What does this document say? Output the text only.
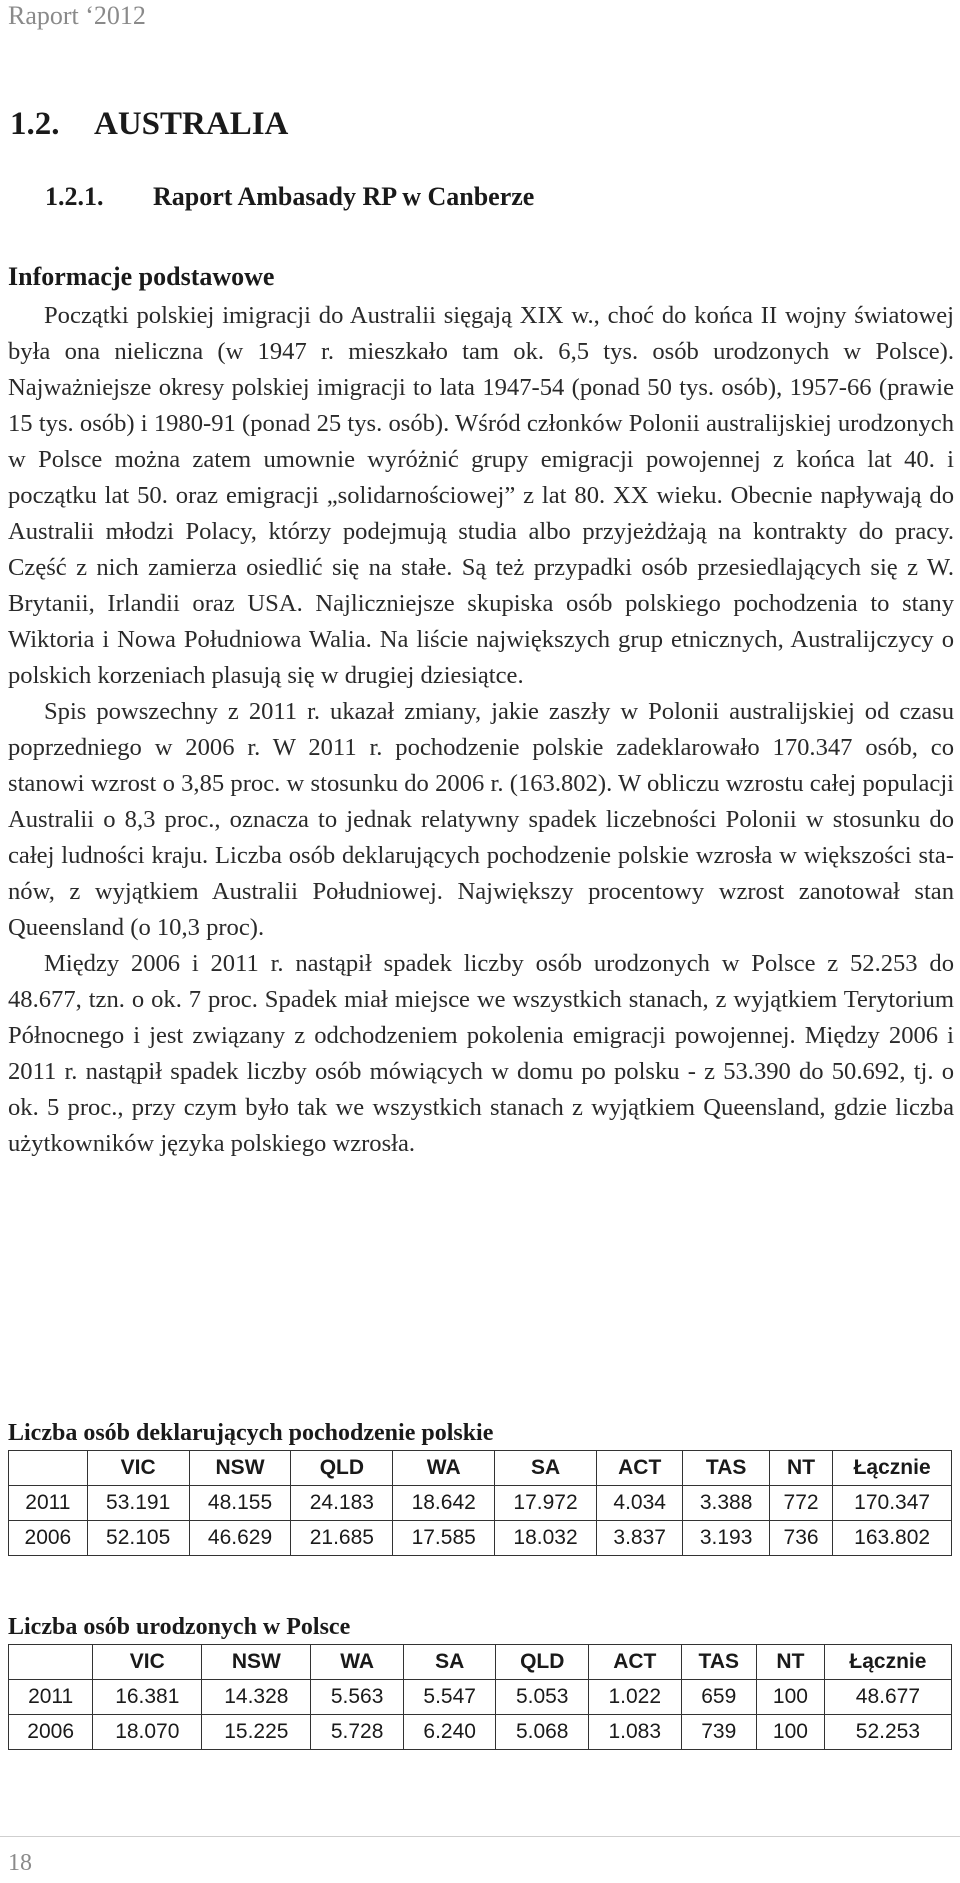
Raport ‘2012
1.2. AUSTRALIA
1.2.1. Raport Ambasady RP w Canberze
Informacje podstawowe

Początki polskiej imigracji do Australii sięgają XIX w., choć do końca II wojny światowej była ona nieliczna (w 1947 r. mieszkało tam ok. 6,5 tys. osób urodzonych w Polsce). Najważniejsze okresy polskiej imigracji to lata 1947-54 (ponad 50 tys. osób), 1957-66 (prawie 15 tys. osób) i 1980-91 (ponad 25 tys. osób). Wśród członków Polonii australijskiej urodzonych w Polsce można zatem umownie wyróżnić grupy emigracji powojennej z końca lat 40. i początku lat 50. oraz emigracji „solidarnościowej” z lat 80. XX wieku. Obecnie napływają do Australii młodzi Polacy, którzy podejmują studia albo przyjeżdżają na kontrakty do pracy. Część z nich zamierza osiedlić się na stałe. Są też przypadki osób przesiedlających się z W. Brytanii, Irlandii oraz USA. Najliczniejsze skupiska osób polskiego pochodzenia to stany Wiktoria i Nowa Południowa Walia. Na liście największych grup etnicznych, Australijczycy o polskich korzeniach plasują się w drugiej dziesiątce.

Spis powszechny z 2011 r. ukazał zmiany, jakie zaszły w Polonii australijskiej od czasu poprzedniego w 2006 r. W 2011 r. pochodzenie polskie zadeklarowało 170.347 osób, co stanowi wzrost o 3,85 proc. w stosunku do 2006 r. (163.802). W obliczu wzrostu całej populacji Australii o 8,3 proc., oznacza to jednak relatywny spadek liczebności Polonii w stosunku do całej ludności kraju. Liczba osób deklarujących pochodzenie polskie wzrosła w większości stanów, z wyjątkiem Australii Południowej. Największy procentowy wzrost zanotował stan Queensland (o 10,3 proc).

Między 2006 i 2011 r. nastąpił spadek liczby osób urodzonych w Polsce z 52.253 do 48.677, tzn. o ok. 7 proc. Spadek miał miejsce we wszystkich stanach, z wyjątkiem Terytorium Północnego i jest związany z odchodzeniem pokolenia emigracji powojennej. Między 2006 i 2011 r. nastąpił spadek liczby osób mówiących w domu po polsku - z 53.390 do 50.692, tj. o ok. 5 proc., przy czym było tak we wszystkich stanach z wyjątkiem Queensland, gdzie liczba użytkowników języka polskiego wzrosła.

Liczba osób deklarujących pochodzenie polskie
	VIC	NSW	QLD	WA	SA	ACT	TAS	NT	Łącznie
2011	53.191	48.155	24.183	18.642	17.972	4.034	3.388	772	170.347
2006	52.105	46.629	21.685	17.585	18.032	3.837	3.193	736	163.802
Liczba osób urodzonych w Polsce
	VIC	NSW	WA	SA	QLD	ACT	TAS	NT	Łącznie
2011	16.381	14.328	5.563	5.547	5.053	1.022	659	100	48.677
2006	18.070	15.225	5.728	6.240	5.068	1.083	739	100	52.253
18
